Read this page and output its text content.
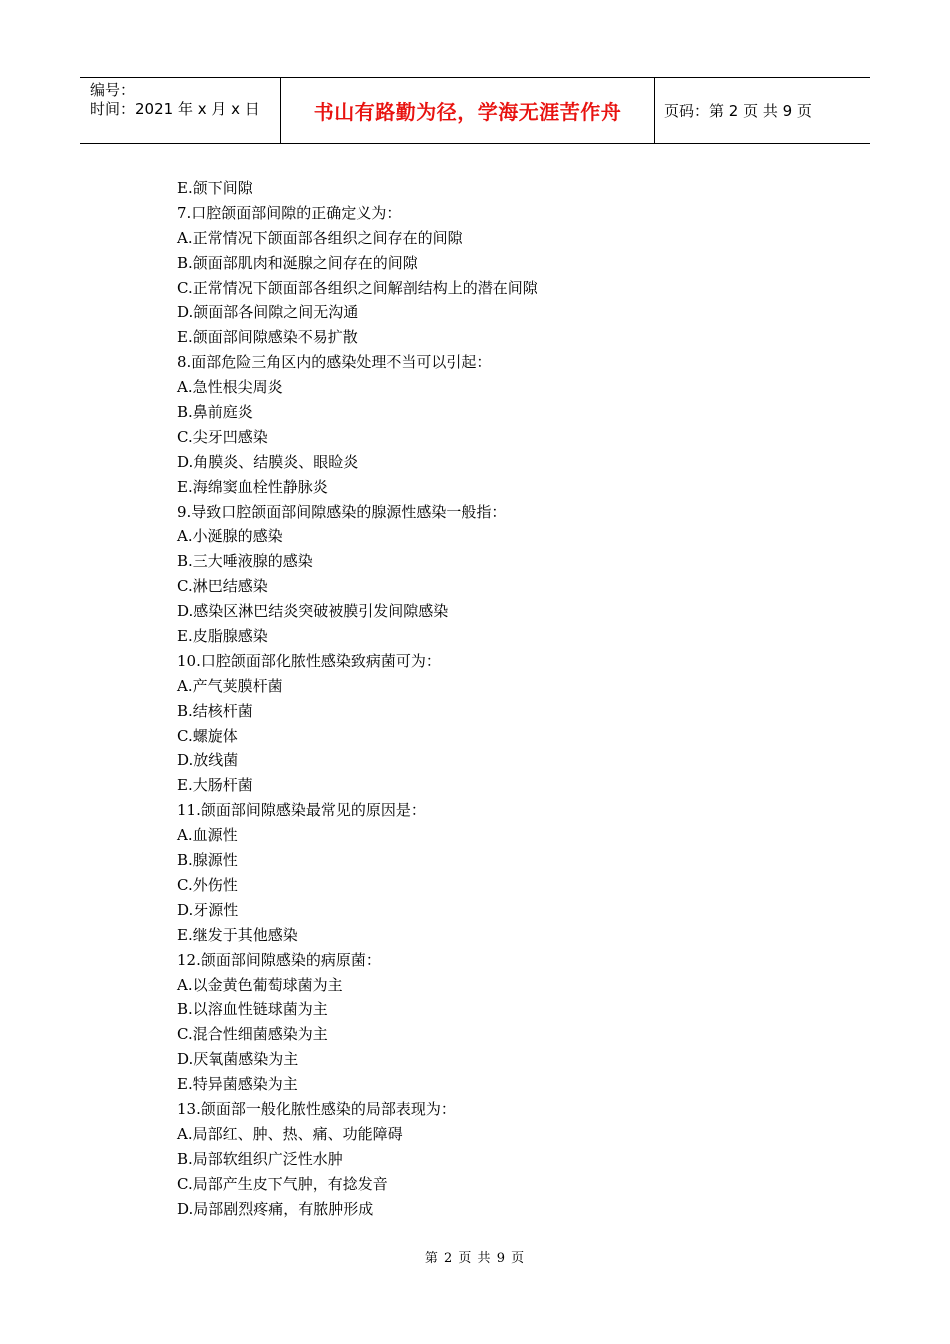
编号：
时间：2021 年 x 月 x 日	书山有路勤为径，学海无涯苦作舟	页码：第 2 页 共 9 页
E.颌下间隙
7.口腔颌面部间隙的正确定义为：
A.正常情况下颌面部各组织之间存在的间隙
B.颌面部肌肉和涎腺之间存在的间隙
C.正常情况下颌面部各组织之间解剖结构上的潜在间隙
D.颌面部各间隙之间无沟通
E.颌面部间隙感染不易扩散
8.面部危险三角区内的感染处理不当可以引起：
A.急性根尖周炎
B.鼻前庭炎
C.尖牙凹感染
D.角膜炎、结膜炎、眼睑炎
E.海绵窦血栓性静脉炎
9.导致口腔颌面部间隙感染的腺源性感染一般指：
A.小涎腺的感染
B.三大唾液腺的感染
C.淋巴结感染
D.感染区淋巴结炎突破被膜引发间隙感染
E.皮脂腺感染
10.口腔颌面部化脓性感染致病菌可为：
A.产气荚膜杆菌
B.结核杆菌
C.螺旋体
D.放线菌
E.大肠杆菌
11.颌面部间隙感染最常见的原因是：
A.血源性
B.腺源性
C.外伤性
D.牙源性
E.继发于其他感染
12.颌面部间隙感染的病原菌：
A.以金黄色葡萄球菌为主
B.以溶血性链球菌为主
C.混合性细菌感染为主
D.厌氧菌感染为主
E.特异菌感染为主
13.颌面部一般化脓性感染的局部表现为：
A.局部红、肿、热、痛、功能障碍
B.局部软组织广泛性水肿
C.局部产生皮下气肿，有捻发音
D.局部剧烈疼痛，有脓肿形成
第 2 页 共 9 页
